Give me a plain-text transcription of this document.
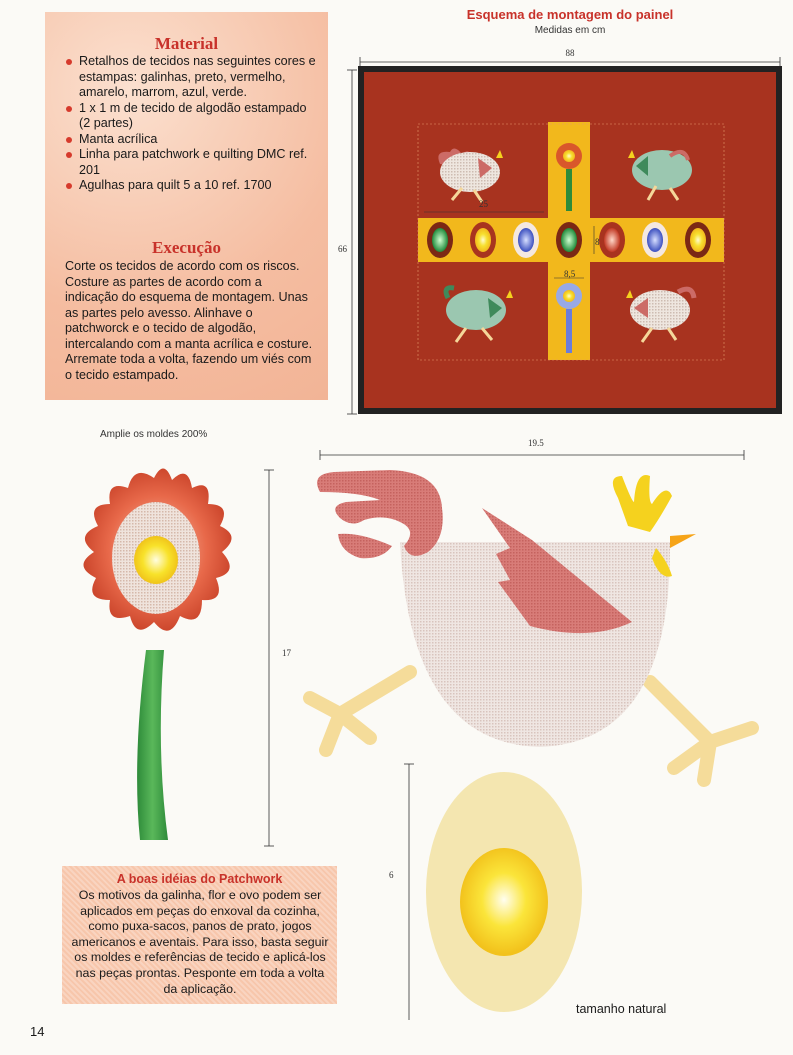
Material
Retalhos de tecidos nas seguintes cores e estampas: galinhas, preto, vermelho, amarelo, marrom, azul, verde.
1 x 1 m de tecido de algodão estampado (2 partes)
Manta acrílica
Linha para patchwork e quilting DMC ref. 201
Agulhas para quilt 5 a 10 ref. 1700
Execução
Corte os tecidos de acordo com os riscos. Costure as partes de acordo com a indicação do esquema de montagem. Unas as partes pelo avesso. Alinhave o patchworck e o tecido de algodão, intercalando com a manta acrílica e costure. Arremate toda a volta, fazendo um viés com o tecido estampado.
Esquema de montagem do painel
Medidas em cm
88
66
25
8
8,5
Amplie os moldes 200%
17
19.5
6
A boas idéias do Patchwork
Os motivos da galinha, flor e ovo podem ser aplicados em peças do enxoval da cozinha, como puxa-sacos, panos de prato, jogos americanos e aventais. Para isso, basta seguir os moldes e referências de tecido e aplicá-los nas peças prontas. Pesponte em toda a volta da aplicação.
tamanho natural
14
